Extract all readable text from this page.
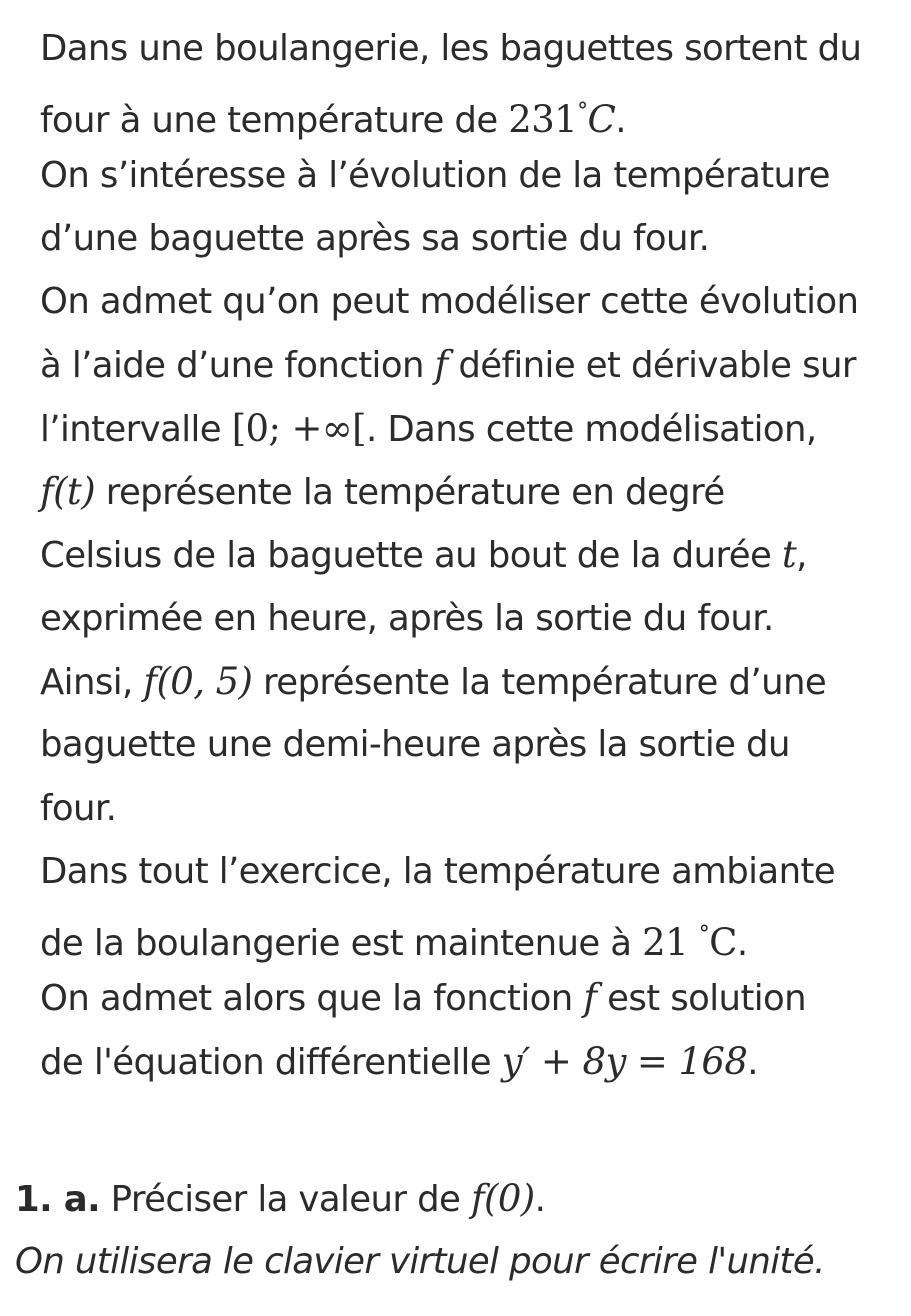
Dans une boulangerie, les baguettes sortent du
four à une température de 231°C.
On s’intéresse à l’évolution de la température
d’une baguette après sa sortie du four.
On admet qu’on peut modéliser cette évolution
à l’aide d’une fonction f définie et dérivable sur
l’intervalle [0; +∞[. Dans cette modélisation,
f(t) représente la température en degré
Celsius de la baguette au bout de la durée t,
exprimée en heure, après la sortie du four.
Ainsi, f(0, 5) représente la température d’une
baguette une demi-heure après la sortie du
four.
Dans tout l’exercice, la température ambiante
de la boulangerie est maintenue à 21 °C.
On admet alors que la fonction f est solution
de l'équation différentielle y′ + 8y = 168.
1. a. Préciser la valeur de f(0).
On utilisera le clavier virtuel pour écrire l'unité.
